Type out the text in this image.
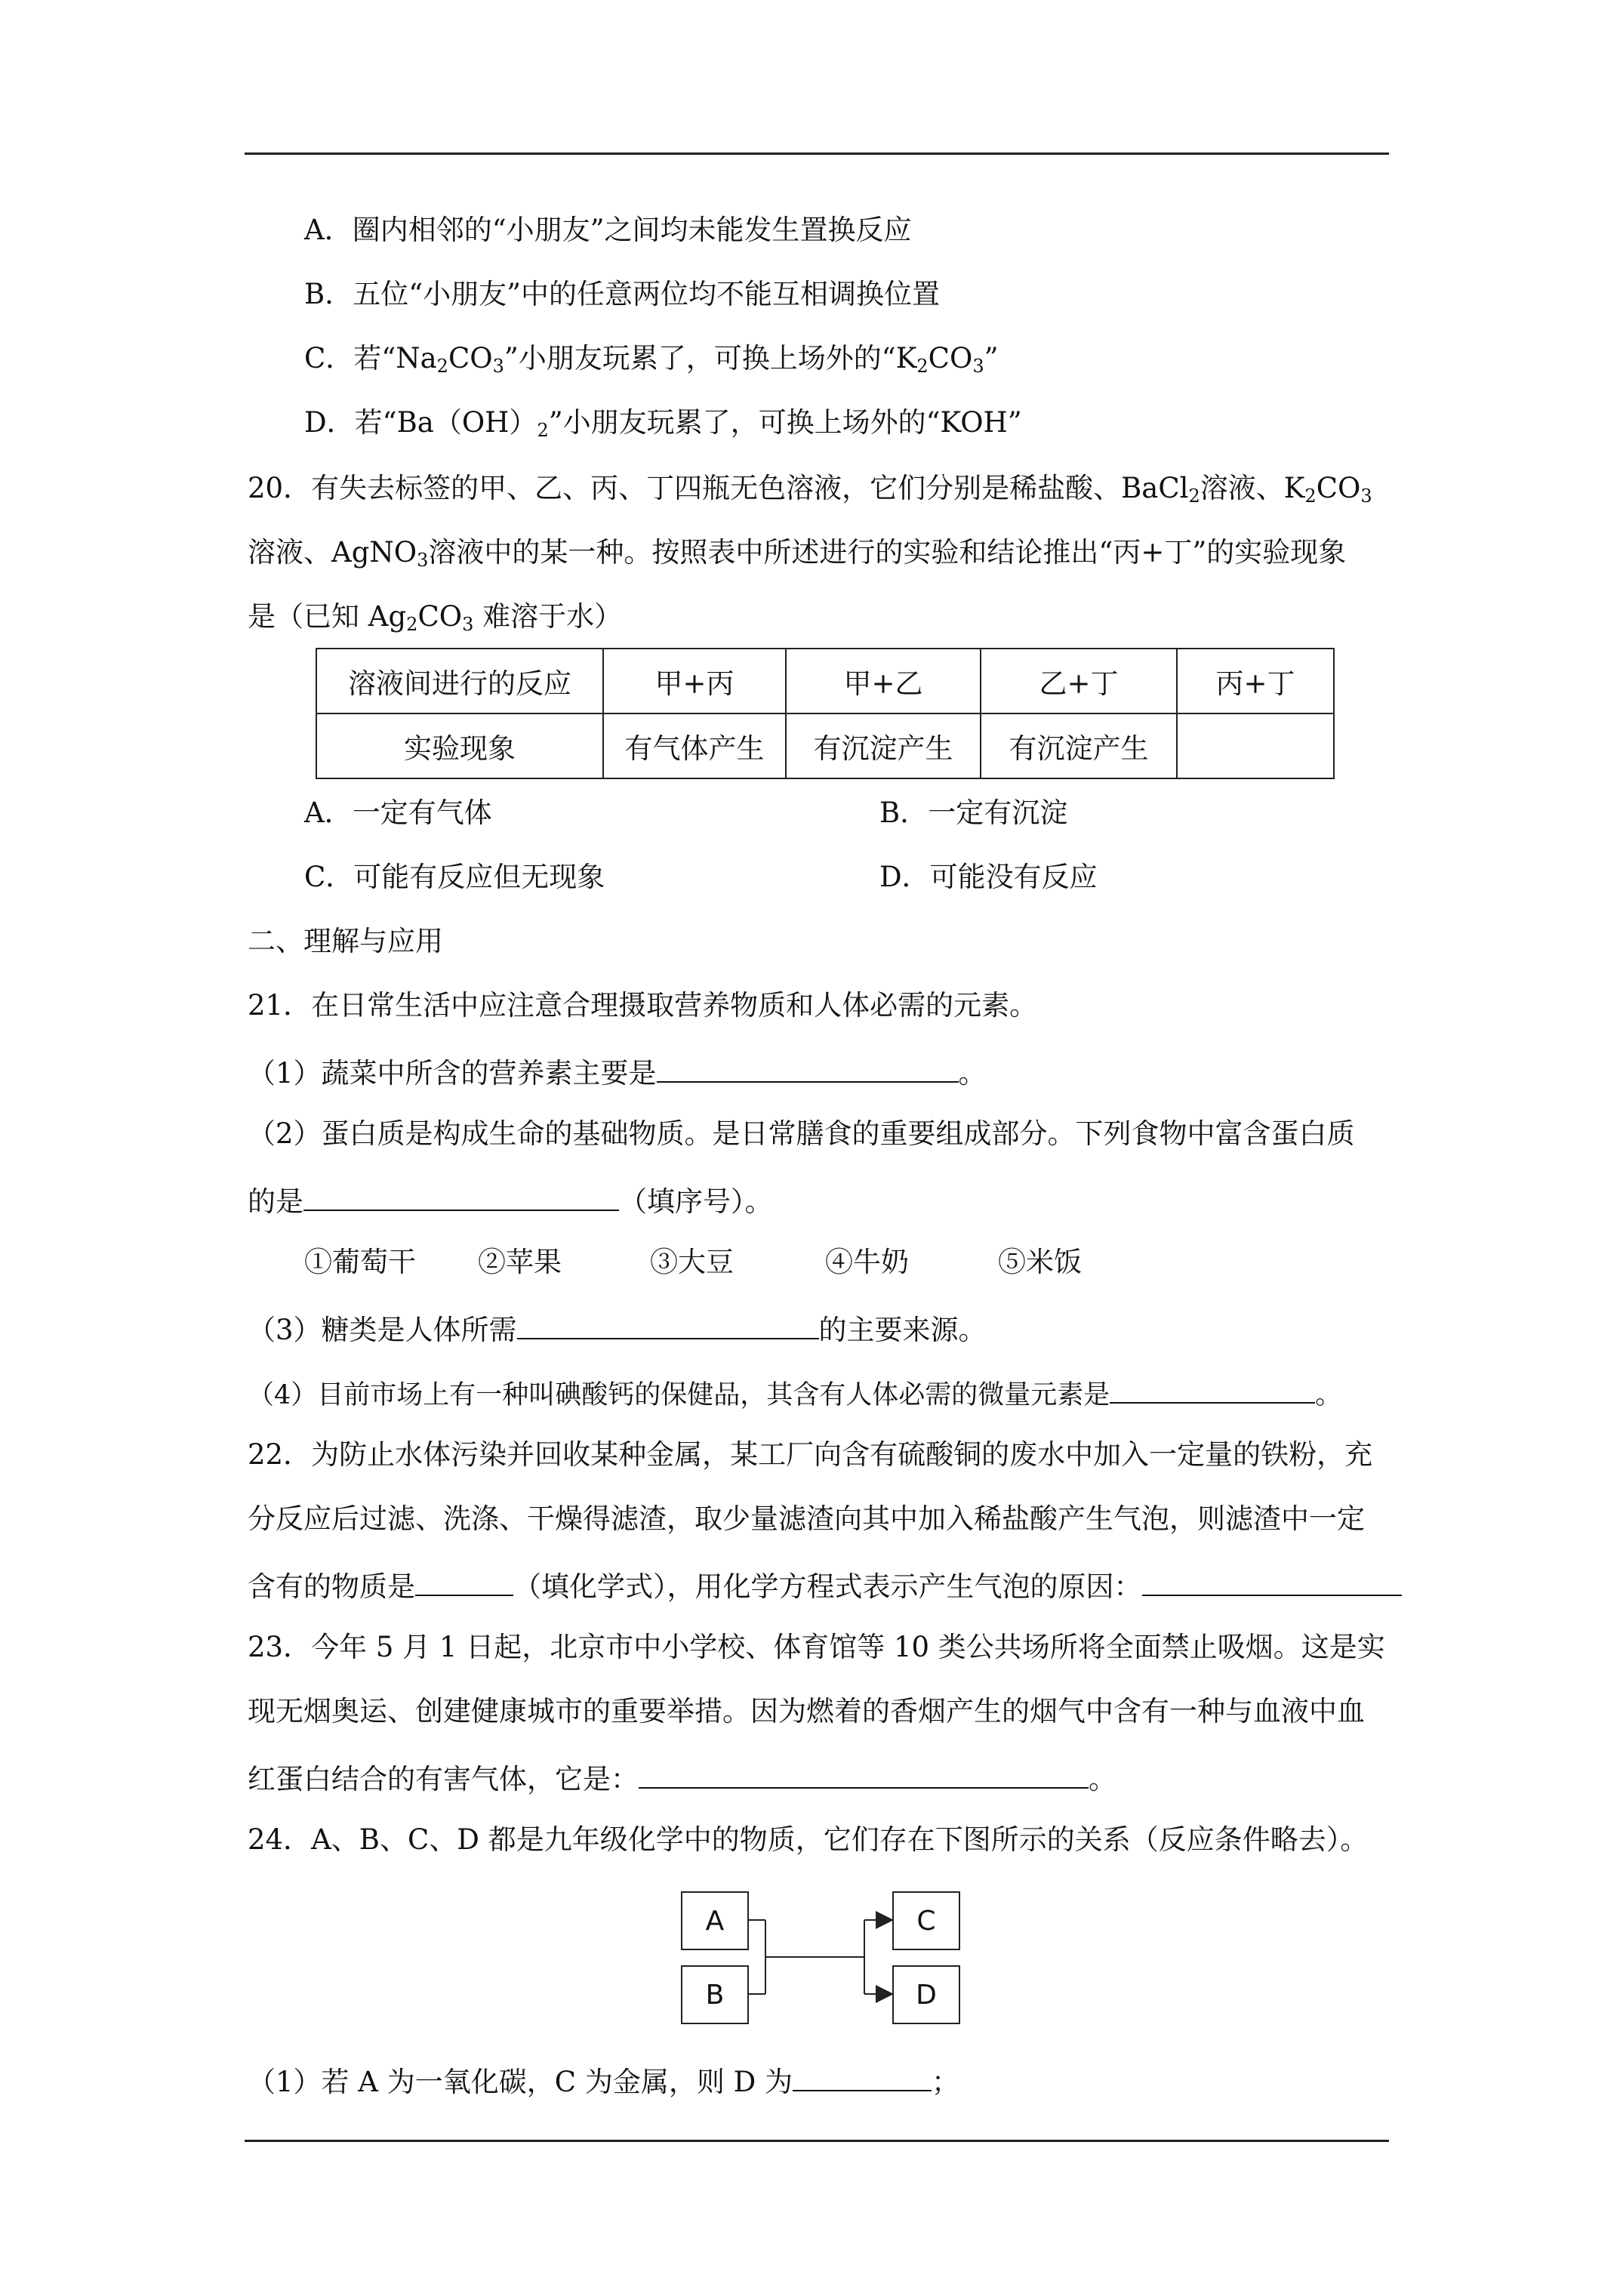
A．圈内相邻的“小朋友”之间均未能发生置换反应
B．五位“小朋友”中的任意两位均不能互相调换位置
C．若“$Na_2CO_3$”小朋友玩累了，可换上场外的“$K_2CO_3$”
D．若“$Ba(OH)_2$”小朋友玩累了，可换上场外的“KOH”
20．有失去标签的甲、乙、丙、丁四瓶无色溶液，它们分别是稀盐酸、BaCl$_2$溶液、$K_2CO_3$
溶液、AgNO$_3$溶液中的某一种。按照表中所述进行的实验和结论推出“丙+丁”的实验现象
是（已知 $Ag_2CO_3$ 难溶于水）
溶液间进行的反应	甲+丙	甲+乙	乙+丁	丙+丁
实验现象	有气体产生	有沉淀产生	有沉淀产生	
A．一定有气体	B．一定有沉淀
C．可能有反应但无现象	D．可能没有反应
二、理解与应用
21．在日常生活中应注意合理摄取营养物质和人体必需的元素。
（1）蔬菜中所含的营养素主要是	。
（2）蛋白质是构成生命的基础物质。是日常膳食的重要组成部分。下列食物中富含蛋白质
的是	（填序号）。
①葡萄干 ②苹果	③大豆	④牛奶	⑤米饭
（3）糖类是人体所需	的主要来源。
（4）目前市场上有一种叫碘酸钙的保健品，其含有人体必需的微量元素是	。
22．为防止水体污染并回收某种金属，某工厂向含有硫酸铜的废水中加入一定量的铁粉，充
分反应后过滤、洗涤、干燥得滤渣，取少量滤渣向其中加入稀盐酸产生气泡，则滤渣中一定
含有的物质是	（填化学式），用化学方程式表示产生气泡的原因：
23．今年 5 月 1 日起，北京市中小学校、体育馆等 10 类公共场所将全面禁止吸烟。这是实
现无烟奥运、创建健康城市的重要举措。因为燃着的香烟产生的烟气中含有一种与血液中血
红蛋白结合的有害气体，它是：	。
24．A、B、C、D 都是九年级化学中的物质，它们存在下图所示的关系（反应条件略去）。
A
B
C
D
（1）若 A 为一氧化碳，C 为金属，则 D 为	；
